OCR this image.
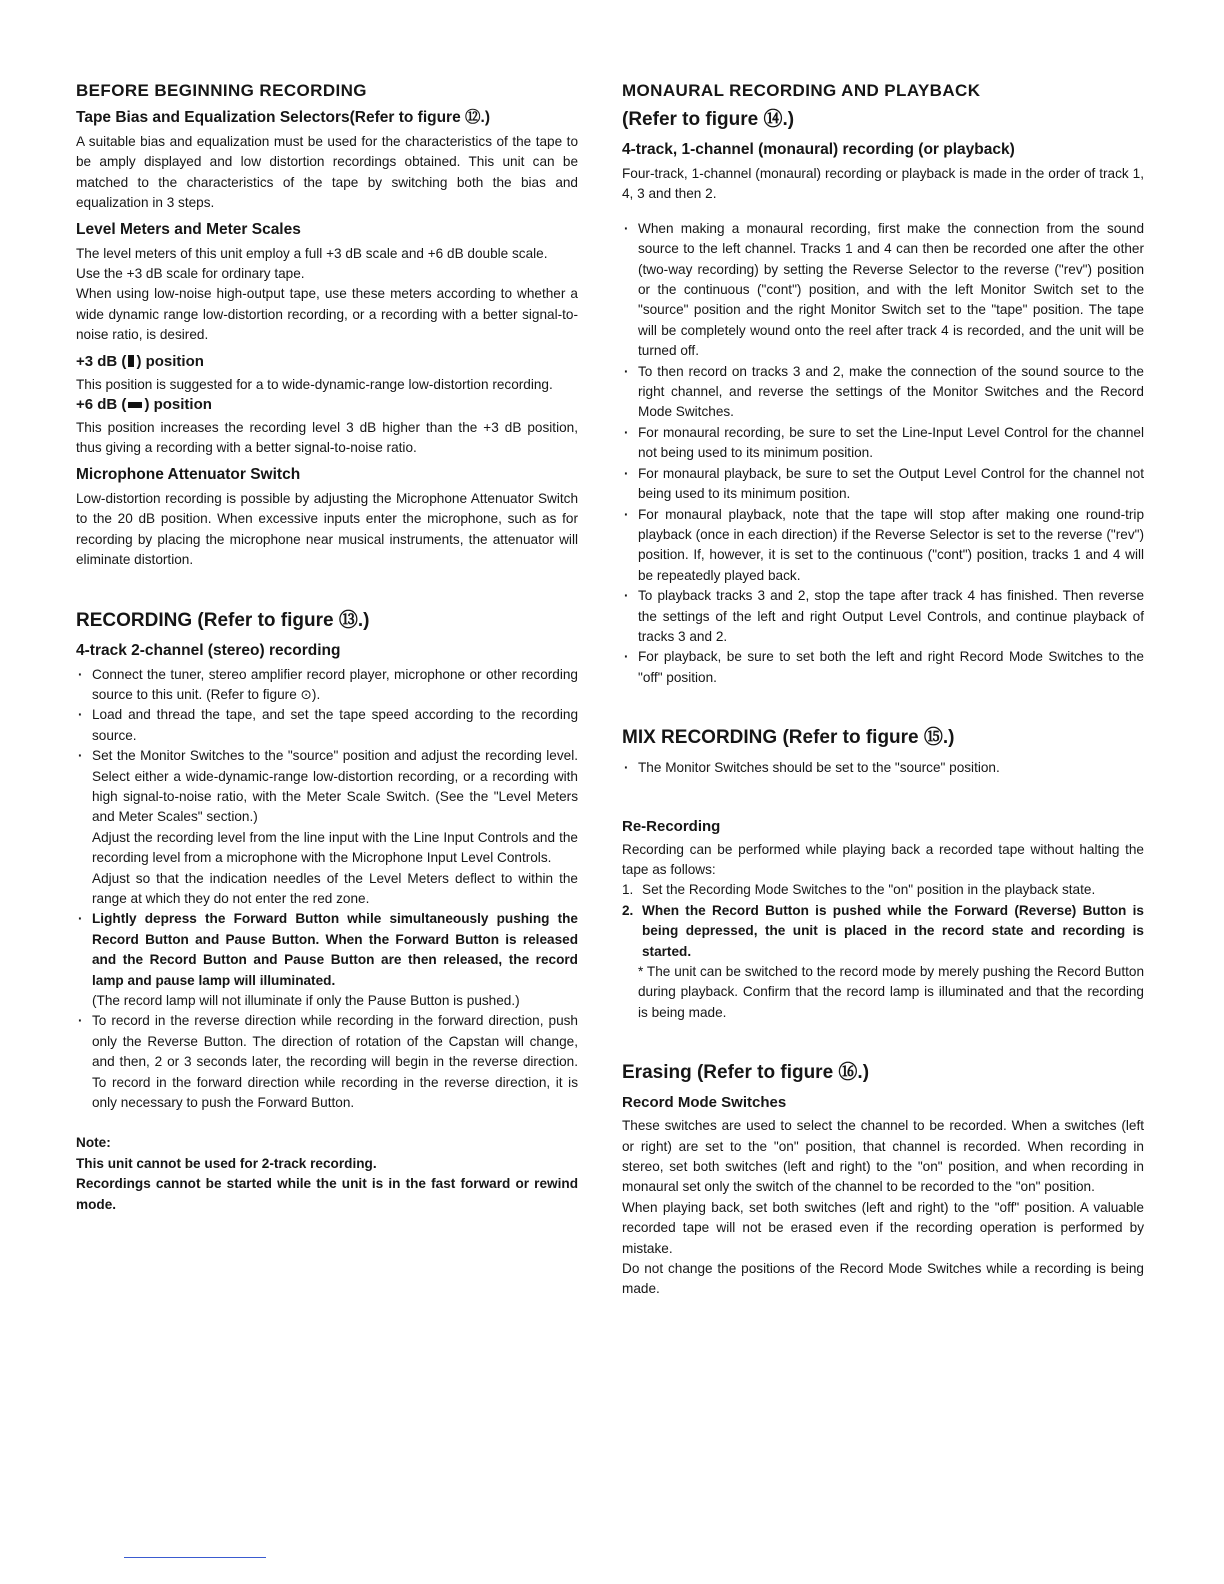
BEFORE BEGINNING RECORDING
Tape Bias and Equalization Selectors(Refer to figure ⑫.)

A suitable bias and equalization must be used for the characteristics of the tape to be amply displayed and low distortion recordings obtained. This unit can be matched to the characteristics of the tape by switching both the bias and equalization in 3 steps.

Level Meters and Meter Scales

The level meters of this unit employ a full +3 dB scale and +6 dB double scale.

Use the +3 dB scale for ordinary tape.

When using low-noise high-output tape, use these meters according to whether a wide dynamic range low-distortion recording, or a recording with a better signal-to-noise ratio, is desired.

+3 dB ( ) position

This position is suggested for a to wide-dynamic-range low-distortion recording.

+6 dB ( ) position

This position increases the recording level 3 dB higher than the +3 dB position, thus giving a recording with a better signal-to-noise ratio.

Microphone Attenuator Switch

Low-distortion recording is possible by adjusting the Microphone Attenuator Switch to the 20 dB position. When excessive inputs enter the microphone, such as for recording by placing the microphone near musical instruments, the attenuator will eliminate distortion.

RECORDING (Refer to figure ⑬.)
4-track 2-channel (stereo) recording
· Connect the tuner, stereo amplifier record player, microphone or other recording source to this unit. (Refer to figure ⊙).
· Load and thread the tape, and set the tape speed according to the recording source.
· Set the Monitor Switches to the "source" position and adjust the recording level. Select either a wide-dynamic-range low-distortion recording, or a recording with high signal-to-noise ratio, with the Meter Scale Switch. (See the "Level Meters and Meter Scales" section.)

Adjust the recording level from the line input with the Line Input Controls and the recording level from a microphone with the Microphone Input Level Controls.

Adjust so that the indication needles of the Level Meters deflect to within the range at which they do not enter the red zone.

· Lightly depress the Forward Button while simultaneously pushing the Record Button and Pause Button. When the Forward Button is released and the Record Button and Pause Button are then released, the record lamp and pause lamp will illuminated.

(The record lamp will not illuminate if only the Pause Button is pushed.)

· To record in the reverse direction while recording in the forward direction, push only the Reverse Button. The direction of rotation of the Capstan will change, and then, 2 or 3 seconds later, the recording will begin in the reverse direction. To record in the forward direction while recording in the reverse direction, it is only necessary to push the Forward Button.

Note:

This unit cannot be used for 2-track recording.

Recordings cannot be started while the unit is in the fast forward or rewind mode.

MONAURAL RECORDING AND PLAYBACK
(Refer to figure ⑭.)
4-track, 1-channel (monaural) recording (or playback)

Four-track, 1-channel (monaural) recording or playback is made in the order of track 1, 4, 3 and then 2.

· When making a monaural recording, first make the connection from the sound source to the left channel. Tracks 1 and 4 can then be recorded one after the other (two-way recording) by setting the Reverse Selector to the reverse ("rev") position or the continuous ("cont") position, and with the left Monitor Switch set to the "source" position and the right Monitor Switch set to the "tape" position. The tape will be completely wound onto the reel after track 4 is recorded, and the unit will be turned off.
· To then record on tracks 3 and 2, make the connection of the sound source to the right channel, and reverse the settings of the Monitor Switches and the Record Mode Switches.
· For monaural recording, be sure to set the Line-Input Level Control for the channel not being used to its minimum position.
· For monaural playback, be sure to set the Output Level Control for the channel not being used to its minimum position.
· For monaural playback, note that the tape will stop after making one round-trip playback (once in each direction) if the Reverse Selector is set to the reverse ("rev") position. If, however, it is set to the continuous ("cont") position, tracks 1 and 4 will be repeatedly played back.
· To playback tracks 3 and 2, stop the tape after track 4 has finished. Then reverse the settings of the left and right Output Level Controls, and continue playback of tracks 3 and 2.
· For playback, be sure to set both the left and right Record Mode Switches to the "off" position.
MIX RECORDING (Refer to figure ⑮.)
· The Monitor Switches should be set to the "source" position.
Re-Recording

Recording can be performed while playing back a recorded tape without halting the tape as follows:

1. Set the Recording Mode Switches to the "on" position in the playback state.
2. When the Record Button is pushed while the Forward (Reverse) Button is being depressed, the unit is placed in the record state and recording is started.

* The unit can be switched to the record mode by merely pushing the Record Button during playback. Confirm that the record lamp is illuminated and that the recording is being made.

Erasing (Refer to figure ⑯.)
Record Mode Switches

These switches are used to select the channel to be recorded. When a switches (left or right) are set to the "on" position, that channel is recorded. When recording in stereo, set both switches (left and right) to the "on" position, and when recording in monaural set only the switch of the channel to be recorded to the "on" position.

When playing back, set both switches (left and right) to the "off" position. A valuable recorded tape will not be erased even if the recording operation is performed by mistake.

Do not change the positions of the Record Mode Switches while a recording is being made.
